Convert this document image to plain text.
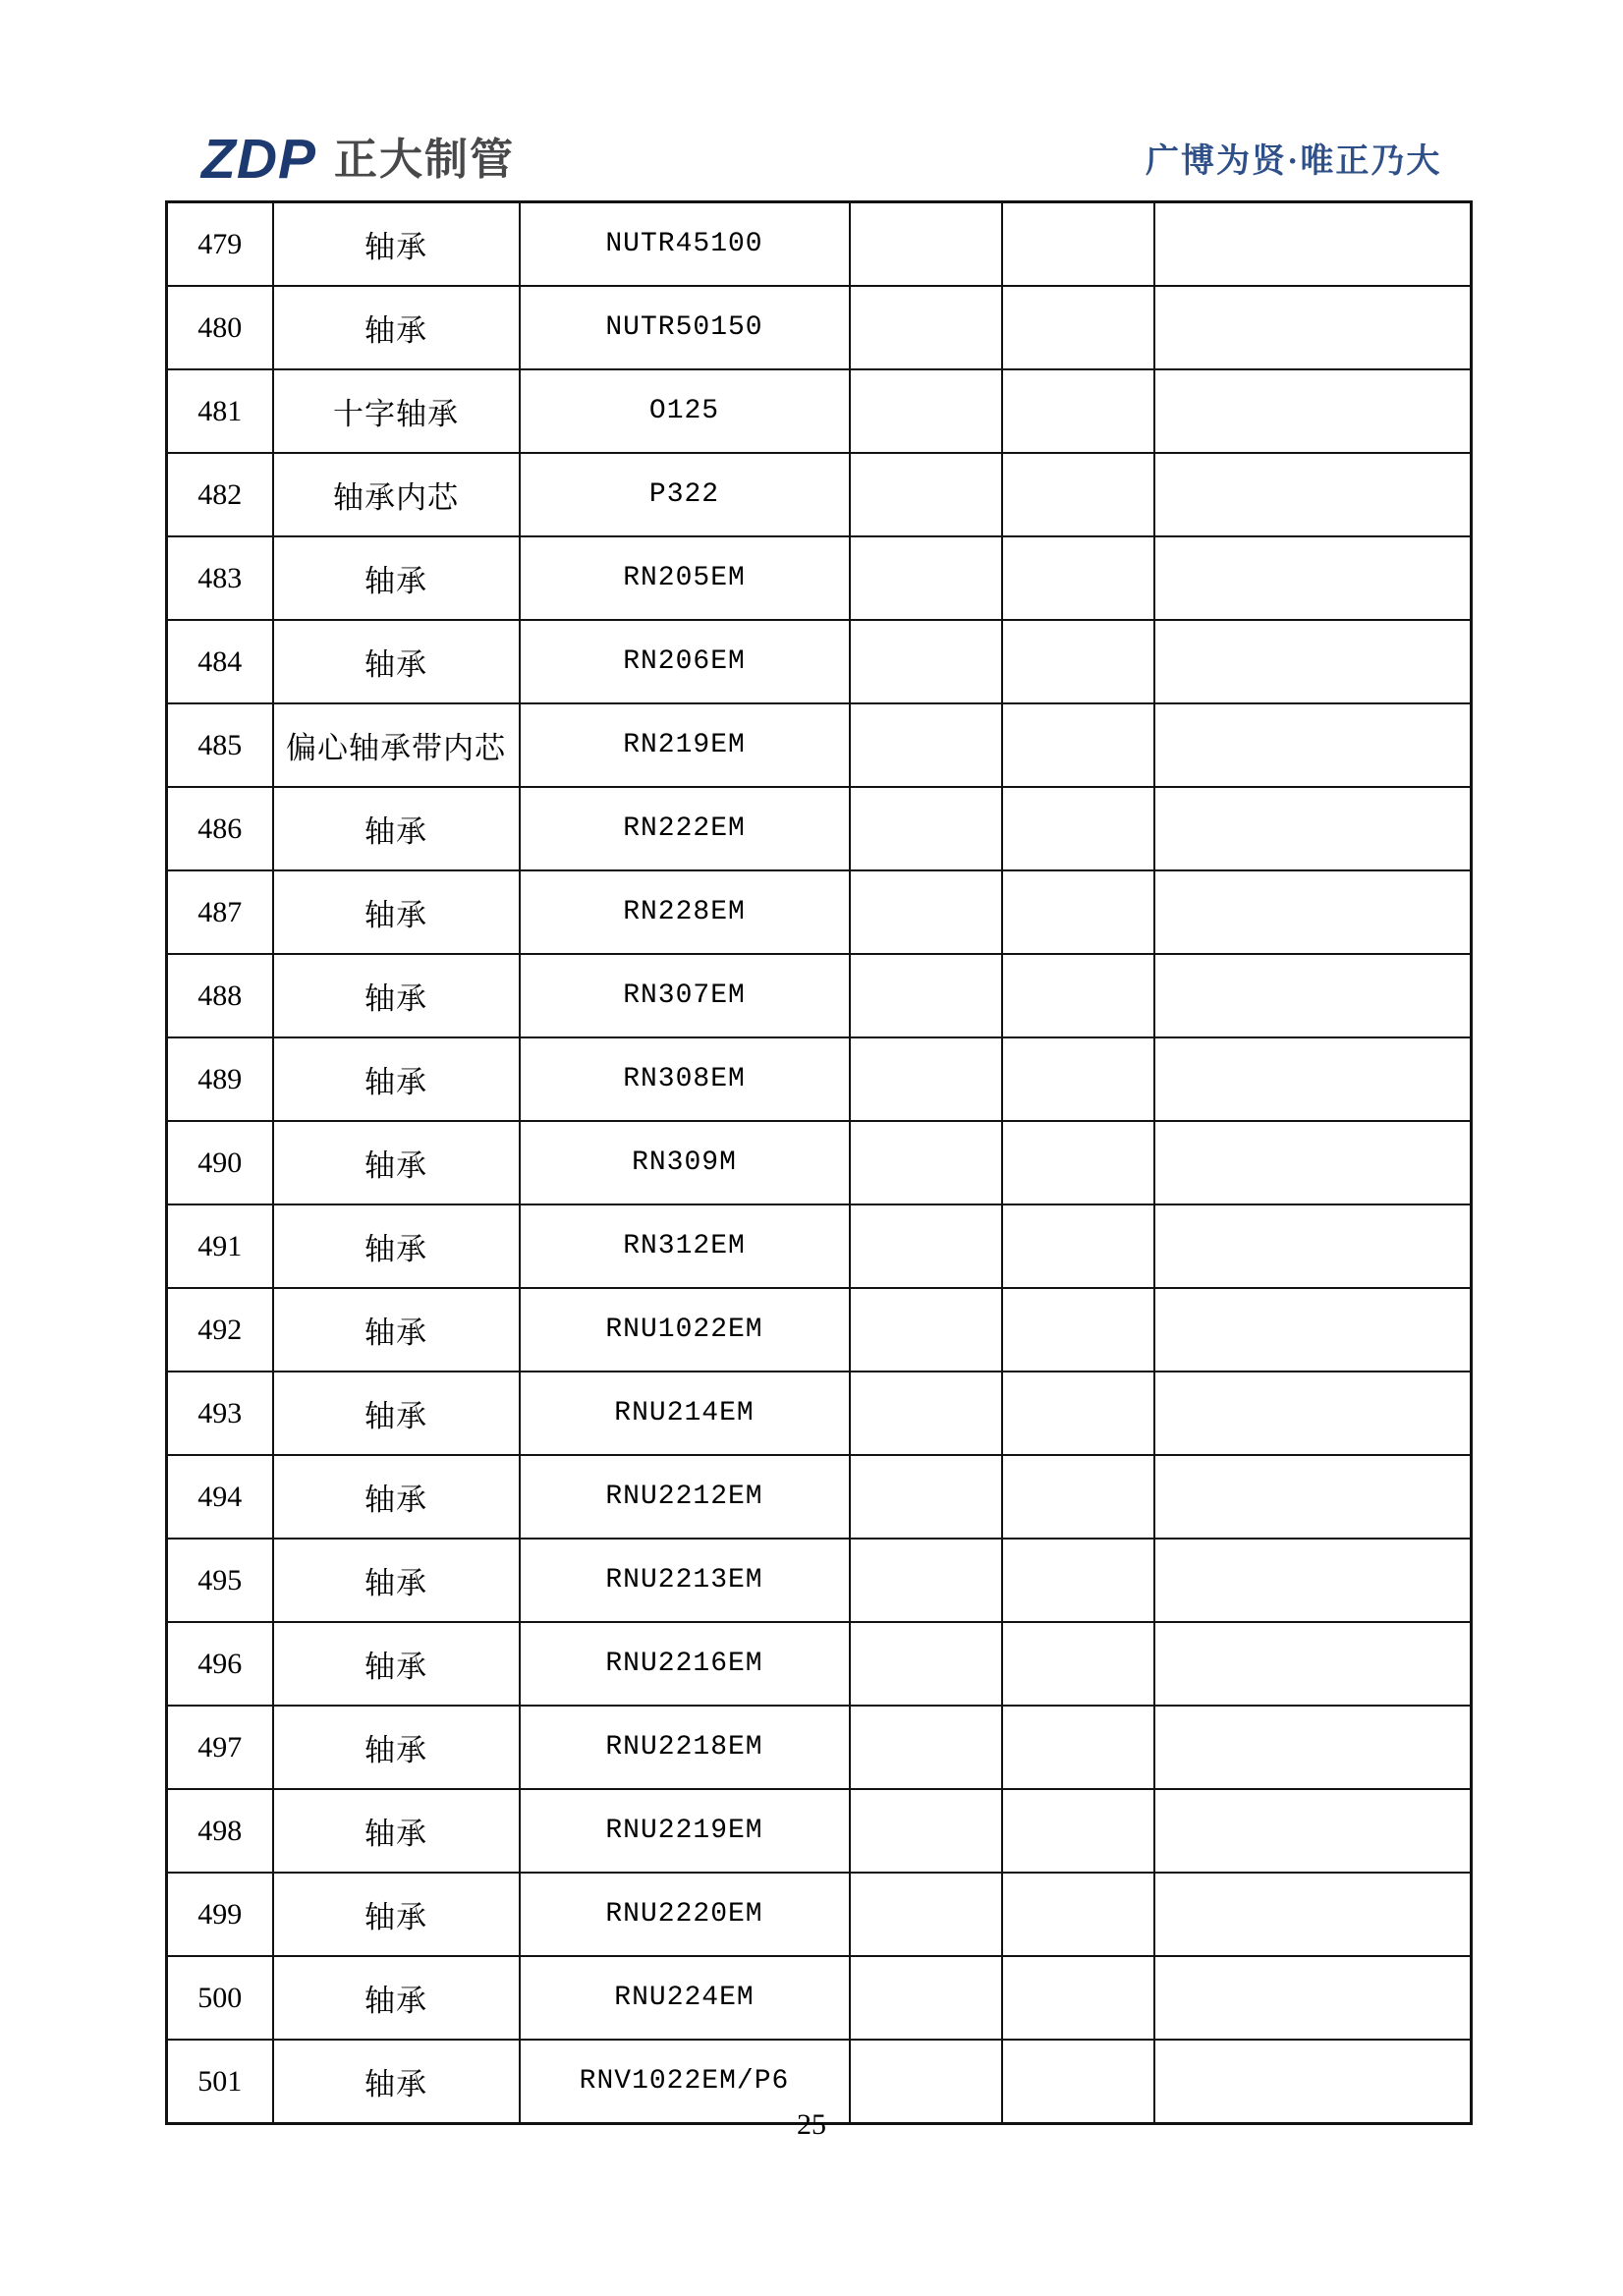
ZDP 正大制管	广博为贤·唯正乃大
479	轴承	NUTR45100			
480	轴承	NUTR50150			
481	十字轴承	O125			
482	轴承内芯	P322			
483	轴承	RN205EM			
484	轴承	RN206EM			
485	偏心轴承带内芯	RN219EM			
486	轴承	RN222EM			
487	轴承	RN228EM			
488	轴承	RN307EM			
489	轴承	RN308EM			
490	轴承	RN309M			
491	轴承	RN312EM			
492	轴承	RNU1022EM			
493	轴承	RNU214EM			
494	轴承	RNU2212EM			
495	轴承	RNU2213EM			
496	轴承	RNU2216EM			
497	轴承	RNU2218EM			
498	轴承	RNU2219EM			
499	轴承	RNU2220EM			
500	轴承	RNU224EM			
501	轴承	RNV1022EM/P6			
25
